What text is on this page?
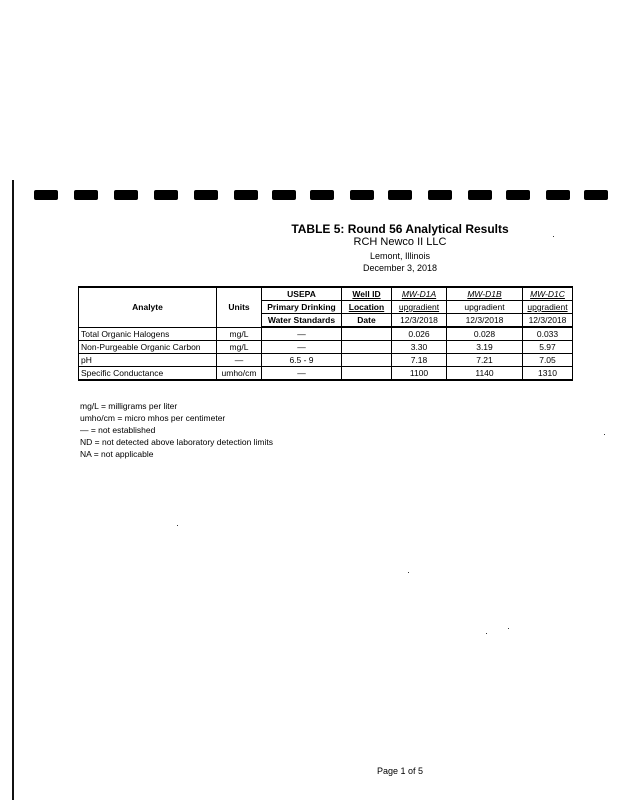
TABLE 5: Round 56 Analytical Results
RCH Newco II LLC
Lemont, Illinois
December 3, 2018
Analyte	Units	USEPA	Well ID	MW-D1A	MW-D1B	MW-D1C
		Primary Drinking	Location	upgradient	upgradient	upgradient
		Water Standards	Date	12/3/2018	12/3/2018	12/3/2018
Total Organic Halogens	mg/L	—		0.026	0.028	0.033
Non-Purgeable Organic Carbon	mg/L	—		3.30	3.19	5.97
pH	—	6.5 - 9		7.18	7.21	7.05
Specific Conductance	umho/cm	—		1100	1140	1310
mg/L = milligrams per liter
umho/cm = micro mhos per centimeter
— = not established
ND = not detected above laboratory detection limits
NA = not applicable
Page 1 of 5
